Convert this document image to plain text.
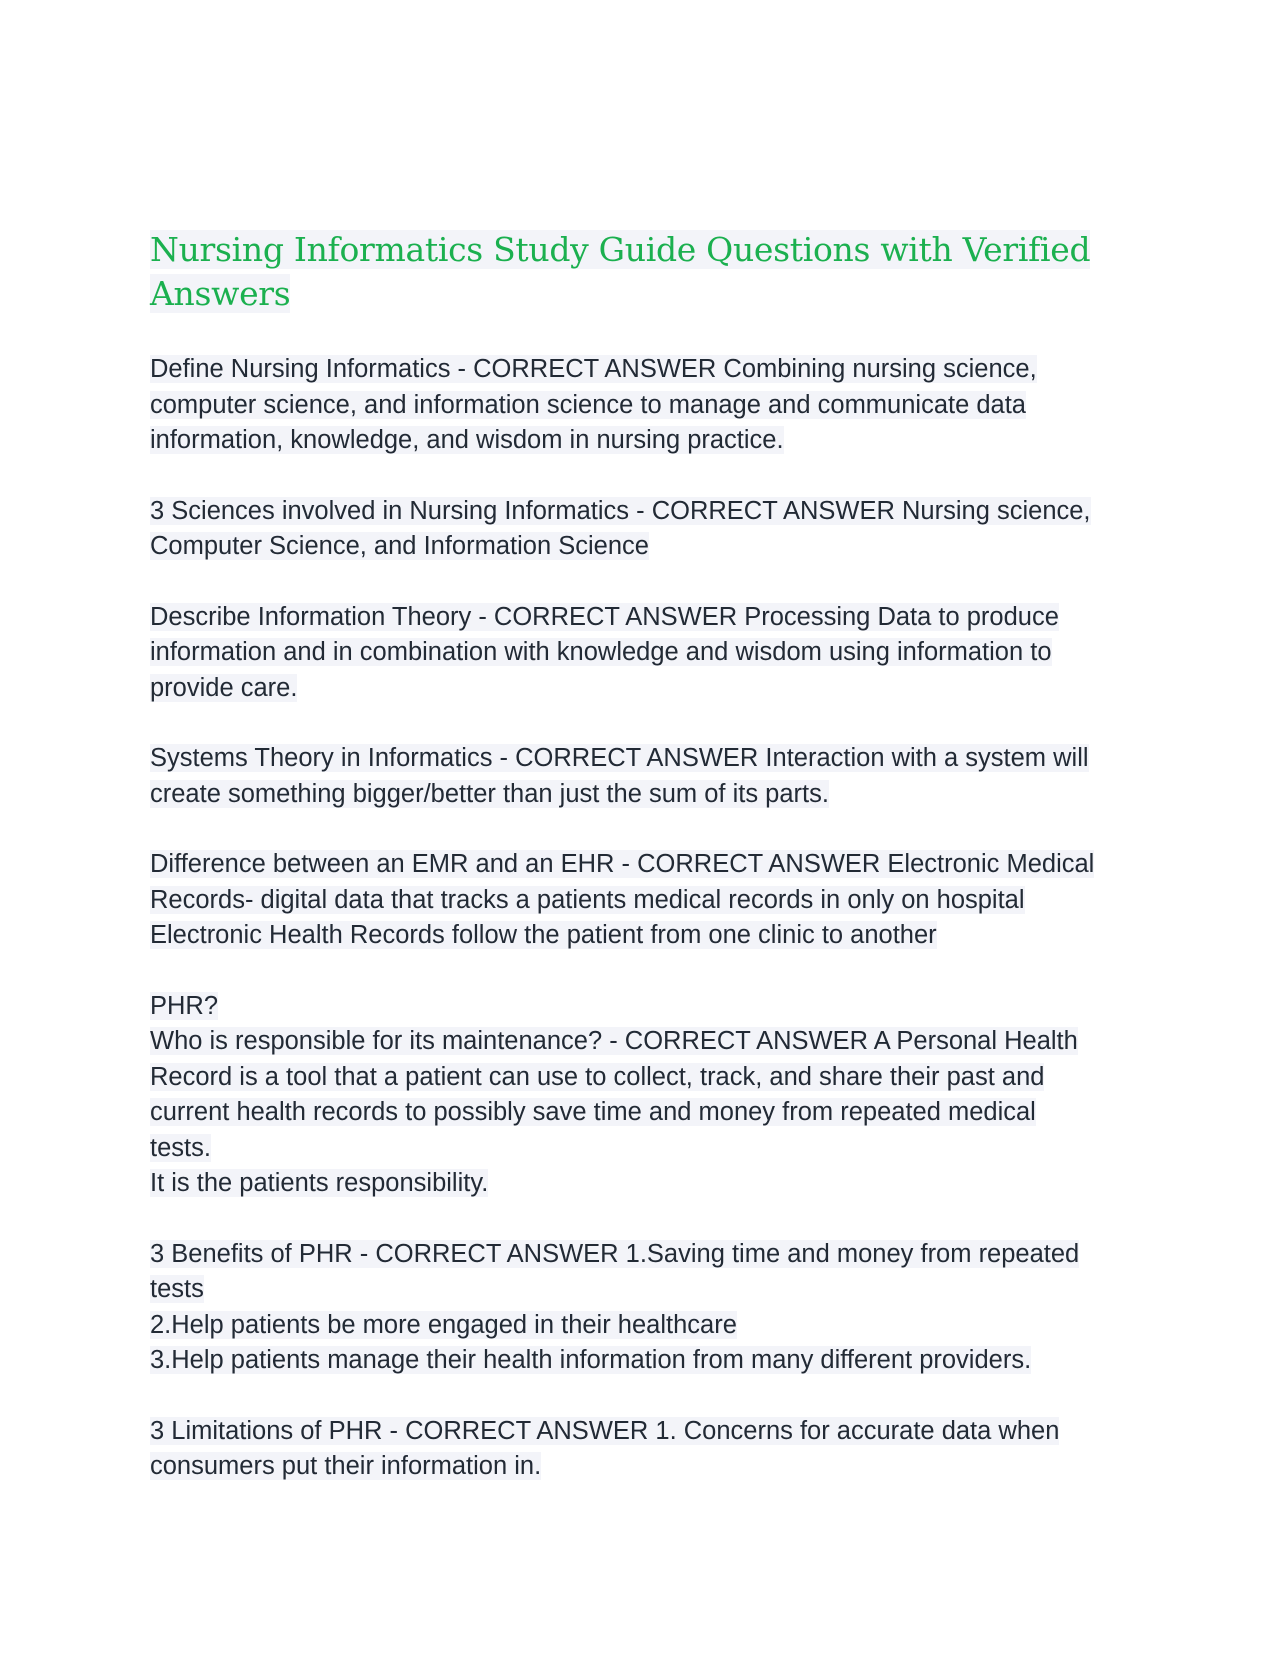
Nursing Informatics Study Guide Questions with Verified Answers

Define Nursing Informatics - CORRECT ANSWER Combining nursing science,
computer science, and information science to manage and communicate data
information, knowledge, and wisdom in nursing practice.

3 Sciences involved in Nursing Informatics - CORRECT ANSWER Nursing science,
Computer Science, and Information Science

Describe Information Theory - CORRECT ANSWER Processing Data to produce
information and in combination with knowledge and wisdom using information to
provide care.

Systems Theory in Informatics - CORRECT ANSWER Interaction with a system will
create something bigger/better than just the sum of its parts.

Difference between an EMR and an EHR - CORRECT ANSWER Electronic Medical
Records- digital data that tracks a patients medical records in only on hospital
Electronic Health Records follow the patient from one clinic to another

PHR?
Who is responsible for its maintenance? - CORRECT ANSWER A Personal Health
Record is a tool that a patient can use to collect, track, and share their past and
current health records to possibly save time and money from repeated medical
tests.
It is the patients responsibility.

3 Benefits of PHR - CORRECT ANSWER 1.Saving time and money from repeated
tests
2.Help patients be more engaged in their healthcare
3.Help patients manage their health information from many different providers.

3 Limitations of PHR - CORRECT ANSWER 1. Concerns for accurate data when
consumers put their information in.
